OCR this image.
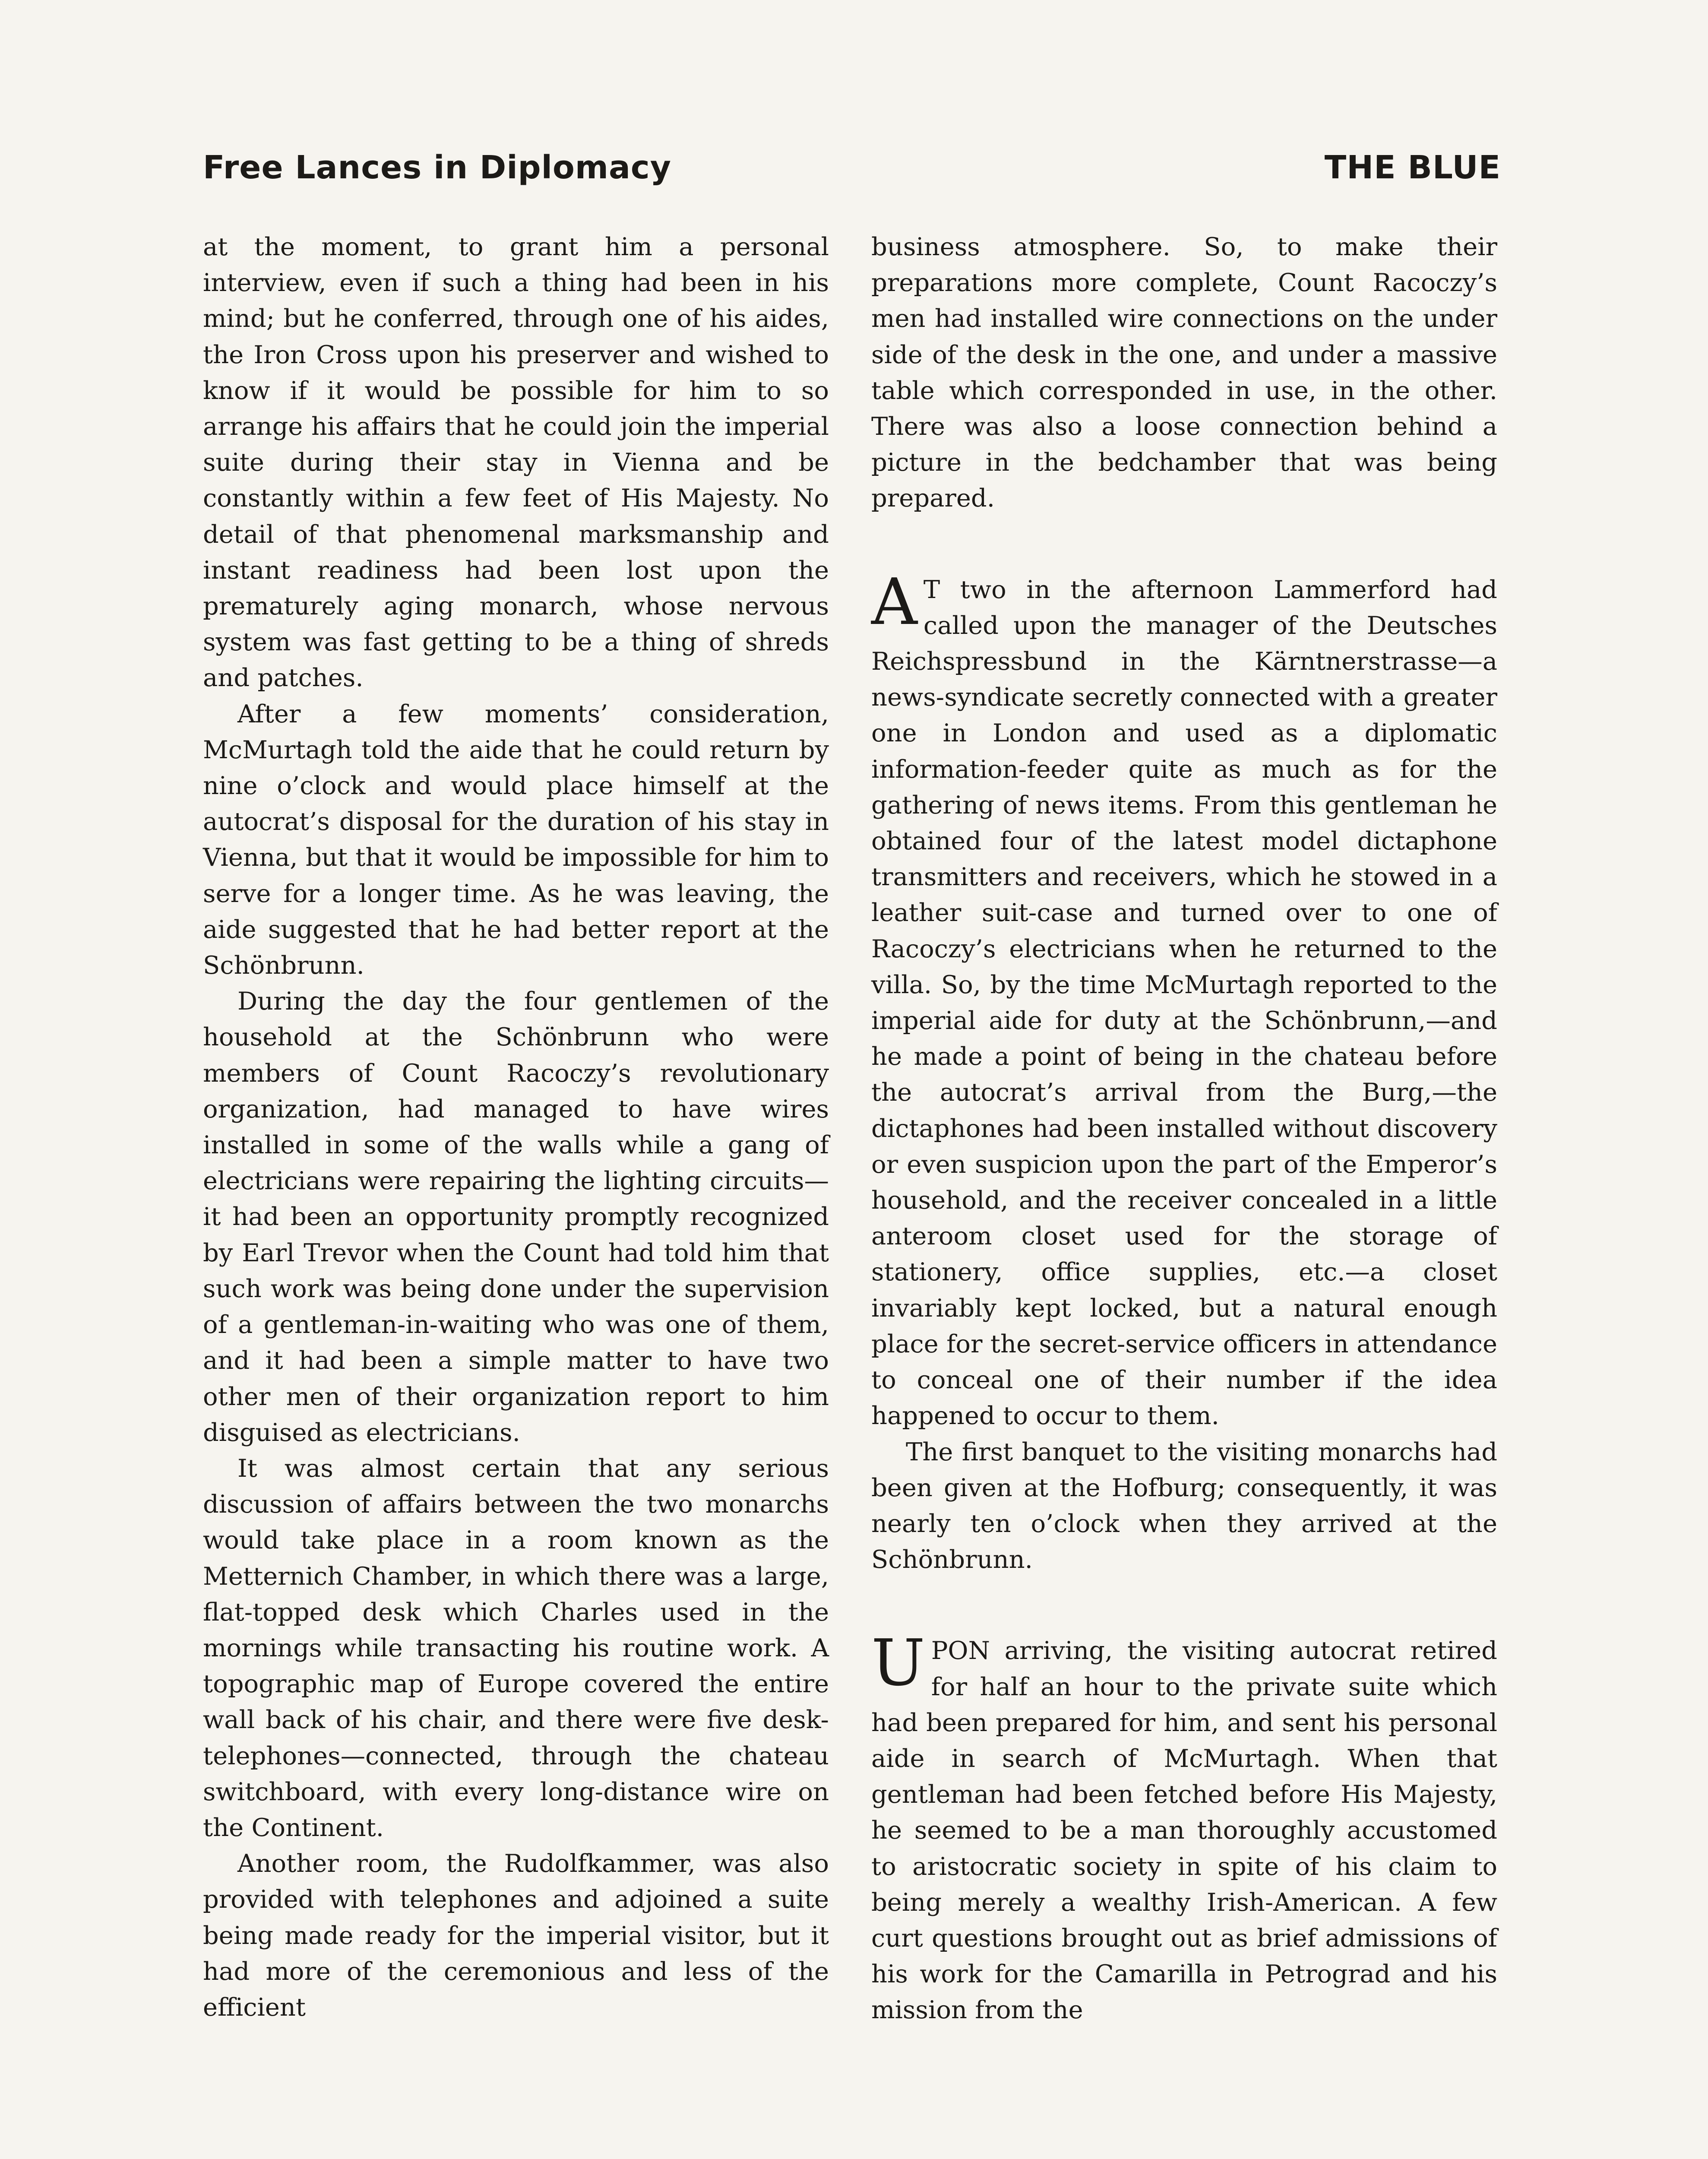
Free Lances in Diplomacy	THE BLUE

at the moment, to grant him a personal interview, even if such a thing had been in his mind; but he conferred, through one of his aides, the Iron Cross upon his preserver and wished to know if it would be possible for him to so arrange his affairs that he could join the imperial suite during their stay in Vienna and be constantly within a few feet of His Majesty. No detail of that phenomenal marksmanship and instant readiness had been lost upon the prematurely aging monarch, whose nervous system was fast getting to be a thing of shreds and patches.

After a few moments’ consideration, McMurtagh told the aide that he could return by nine o’clock and would place himself at the autocrat’s disposal for the duration of his stay in Vienna, but that it would be impossible for him to serve for a longer time. As he was leaving, the aide suggested that he had better report at the Schönbrunn.

During the day the four gentlemen of the household at the Schönbrunn who were members of Count Racoczy’s revolutionary organization, had managed to have wires installed in some of the walls while a gang of electricians were repairing the lighting circuits—it had been an opportunity promptly recognized by Earl Trevor when the Count had told him that such work was being done under the supervision of a gentleman-in-waiting who was one of them, and it had been a simple matter to have two other men of their organization report to him disguised as electricians.

It was almost certain that any serious discussion of affairs between the two monarchs would take place in a room known as the Metternich Chamber, in which there was a large, flat-topped desk which Charles used in the mornings while transacting his routine work. A topographic map of Europe covered the entire wall back of his chair, and there were five desk-telephones—connected, through the chateau switchboard, with every long-distance wire on the Continent.

Another room, the Rudolfkammer, was also provided with telephones and adjoined a suite being made ready for the imperial visitor, but it had more of the ceremonious and less of the efficient

business atmosphere. So, to make their preparations more complete, Count Racoczy’s men had installed wire connections on the under side of the desk in the one, and under a massive table which corresponded in use, in the other. There was also a loose connection behind a picture in the bedchamber that was being prepared.

A T two in the afternoon Lammerford had called upon the manager of the Deutsches Reichspressbund in the Kärntnerstrasse—a news-syndicate secretly connected with a greater one in London and used as a diplomatic information-feeder quite as much as for the gathering of news items. From this gentleman he obtained four of the latest model dictaphone transmitters and receivers, which he stowed in a leather suit-case and turned over to one of Racoczy’s electricians when he returned to the villa. So, by the time McMurtagh reported to the imperial aide for duty at the Schönbrunn,—and he made a point of being in the chateau before the autocrat’s arrival from the Burg,—the dictaphones had been installed without discovery or even suspicion upon the part of the Emperor’s household, and the receiver concealed in a little anteroom closet used for the storage of stationery, office supplies, etc.—a closet invariably kept locked, but a natural enough place for the secret-service officers in attendance to conceal one of their number if the idea happened to occur to them.

The first banquet to the visiting monarchs had been given at the Hofburg; consequently, it was nearly ten o’clock when they arrived at the Schönbrunn.

UPON arriving, the visiting autocrat retired for half an hour to the private suite which had been prepared for him, and sent his personal aide in search of McMurtagh. When that gentleman had been fetched before His Majesty, he seemed to be a man thoroughly accustomed to aristocratic society in spite of his claim to being merely a wealthy Irish-American. A few curt questions brought out as brief admissions of his work for the Camarilla in Petrograd and his mission from the
